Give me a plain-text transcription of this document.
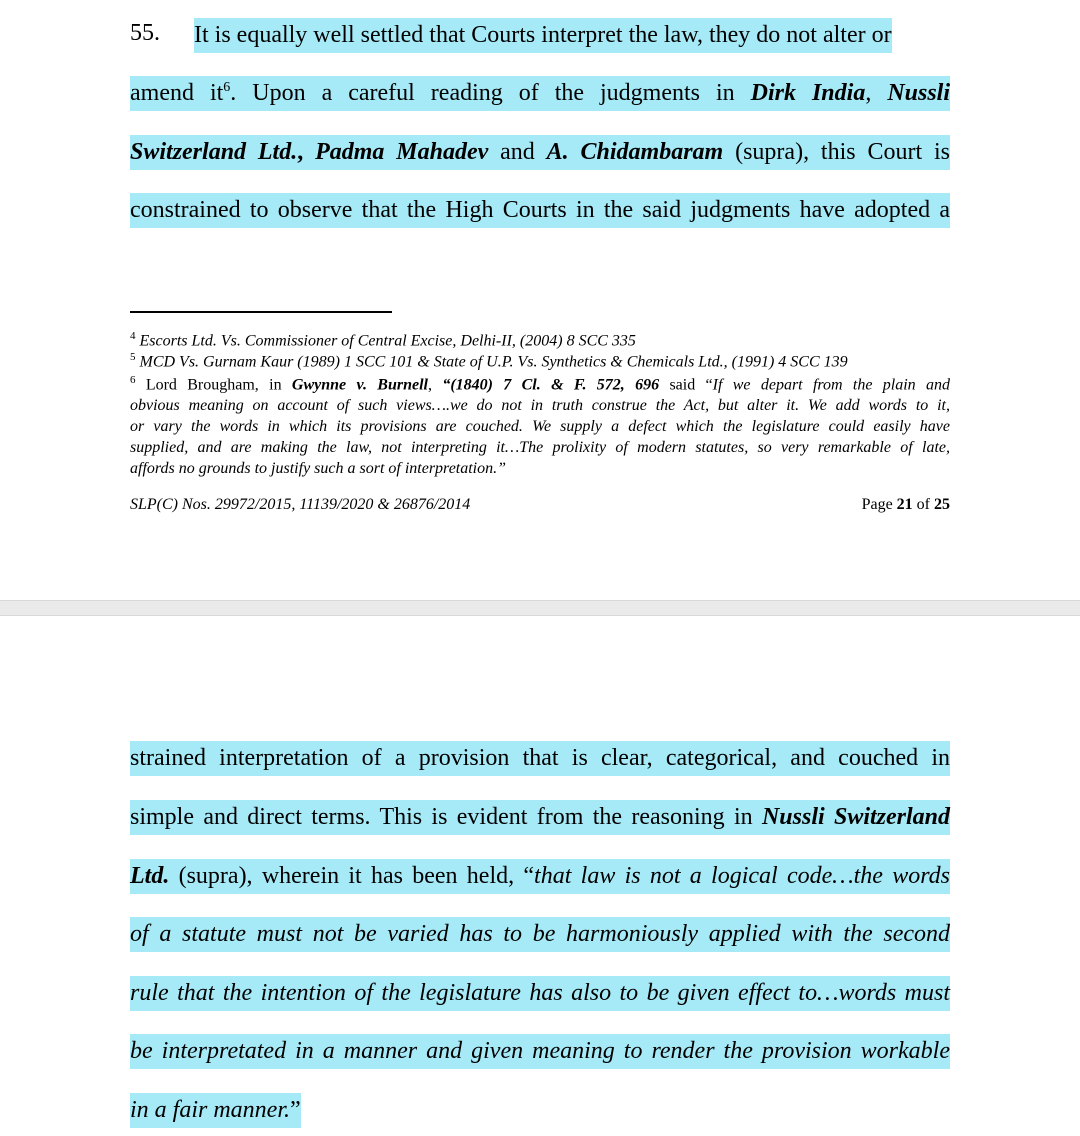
55. It is equally well settled that Courts interpret the law, they do not alter or
amend it$^6$. Upon a careful reading of the judgments in Dirk India, Nussli
Switzerland Ltd., Padma Mahadev and A. Chidambaram (supra), this Court is
constrained to observe that the High Courts in the said judgments have adopted a
$^4$ Escorts Ltd. Vs. Commissioner of Central Excise, Delhi-II, (2004) 8 SCC 335
$^5$ MCD Vs. Gurnam Kaur (1989) 1 SCC 101 & State of U.P. Vs. Synthetics & Chemicals Ltd., (1991) 4 SCC 139
$^6$ Lord Brougham, in Gwynne v. Burnell, “(1840) 7 Cl. & F. 572, 696 said “If we depart from the plain and
obvious meaning on account of such views….we do not in truth construe the Act, but alter it. We add words to it,
or vary the words in which its provisions are couched. We supply a defect which the legislature could easily have
supplied, and are making the law, not interpreting it…The prolixity of modern statutes, so very remarkable of late,
affords no grounds to justify such a sort of interpretation.”
SLP(C) Nos. 29972/2015, 11139/2020 & 26876/2014	Page 21 of 25
strained interpretation of a provision that is clear, categorical, and couched in
simple and direct terms. This is evident from the reasoning in Nussli Switzerland
Ltd. (supra), wherein it has been held, “that law is not a logical code…the words
of a statute must not be varied has to be harmoniously applied with the second
rule that the intention of the legislature has also to be given effect to…words must
be interpretated in a manner and given meaning to render the provision workable
in a fair manner.”
